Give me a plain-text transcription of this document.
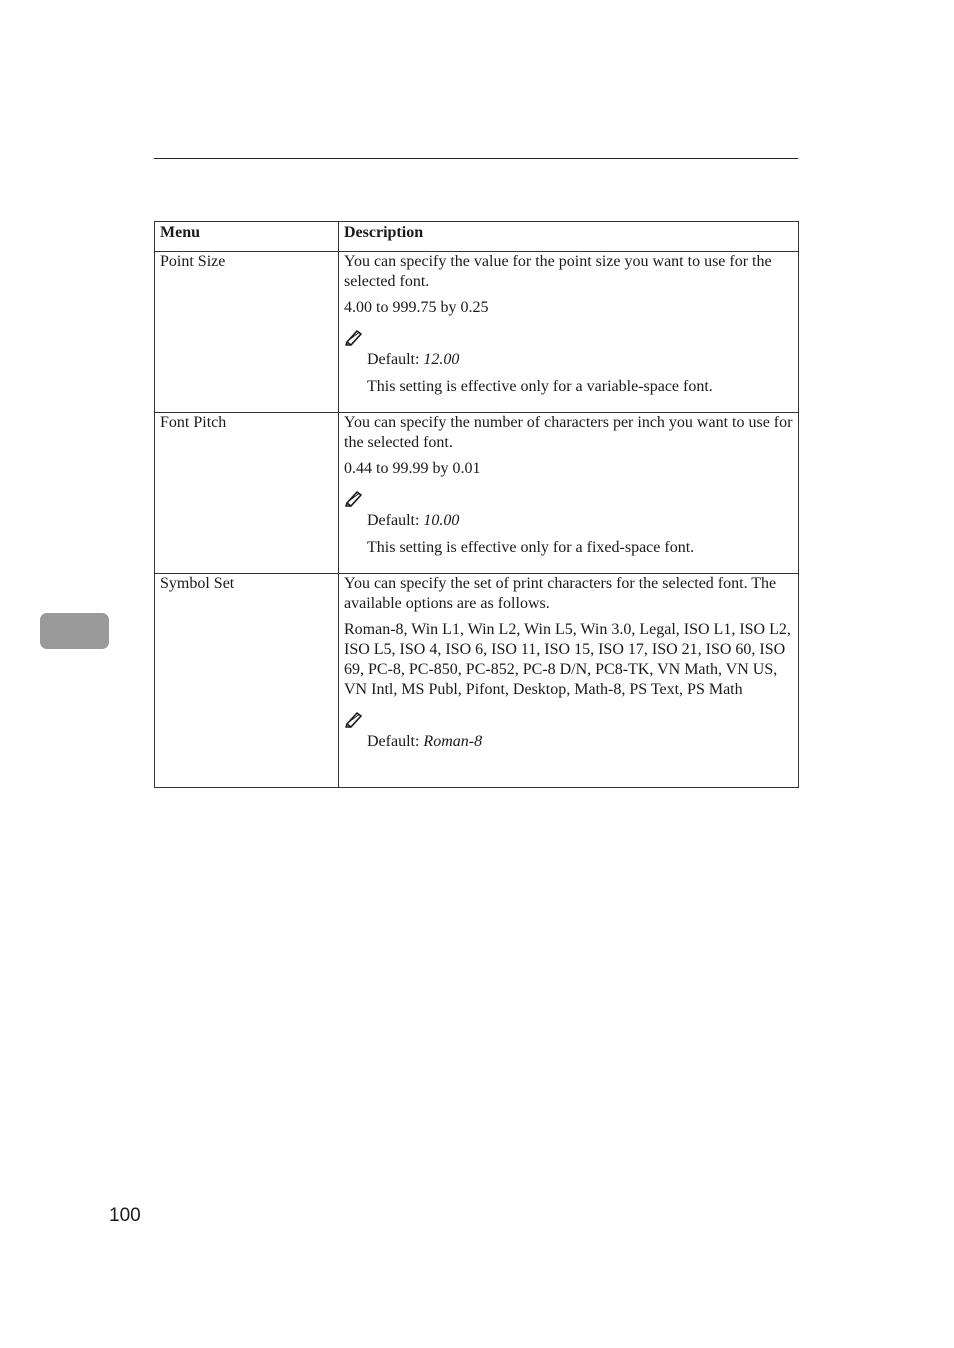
Menu	Description
Point Size	You can specify the value for the point size you want to use for the selected font.

4.00 to 999.75 by 0.25

Default: 12.00

This setting is effective only for a variable-space font.

Font Pitch	You can specify the number of characters per inch you want to use for the selected font.

0.44 to 99.99 by 0.01

Default: 10.00

This setting is effective only for a fixed-space font.

Symbol Set	You can specify the set of print characters for the selected font. The available options are as follows.

Roman-8, Win L1, Win L2, Win L5, Win 3.0, Legal, ISO L1, ISO L2, ISO L5, ISO 4, ISO 6, ISO 11, ISO 15, ISO 17, ISO 21, ISO 60, ISO 69, PC-8, PC-850, PC-852, PC-8 D/N, PC8-TK, VN Math, VN US, VN Intl, MS Publ, Pifont, Desktop, Math-8, PS Text, PS Math

Default: Roman-8

100
